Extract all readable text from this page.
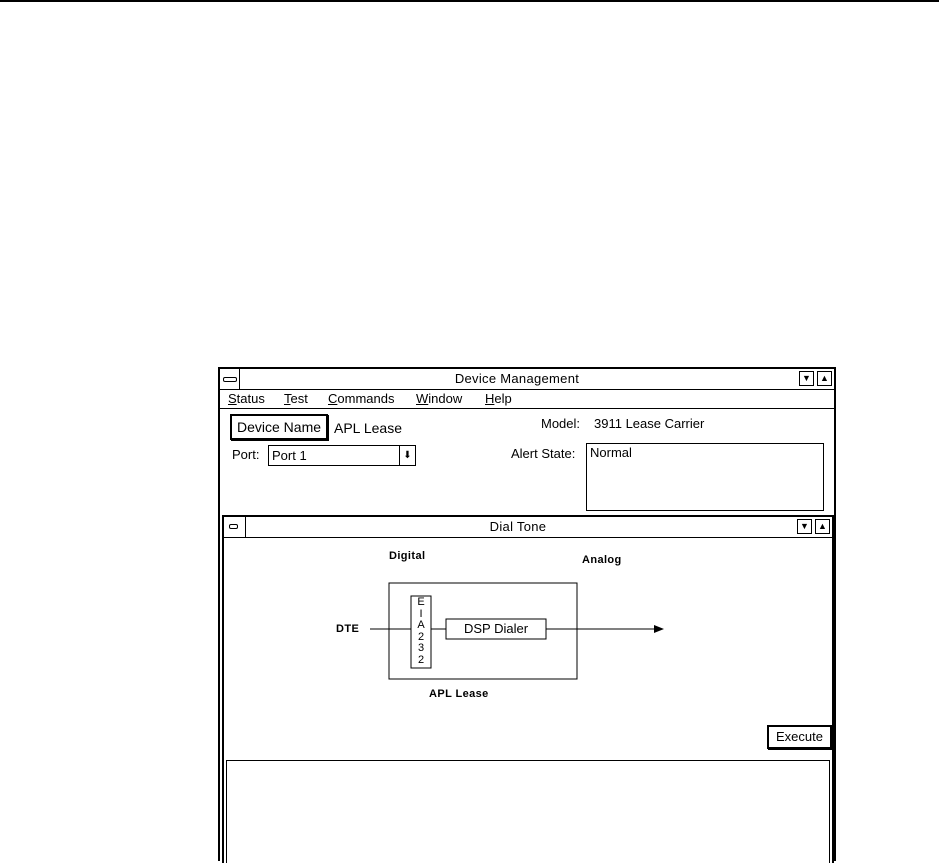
Device Management	▼	▲
Status Test Commands Window Help
Device Name APL Lease	Model: 3911 Lease Carrier
Port: Port 1	⬇	Alert State:	Normal
Dial Tone	▼	▲
Digital	Analog
DTE
E
I
A
2
3
2
DSP Dialer
APL Lease
Execute
